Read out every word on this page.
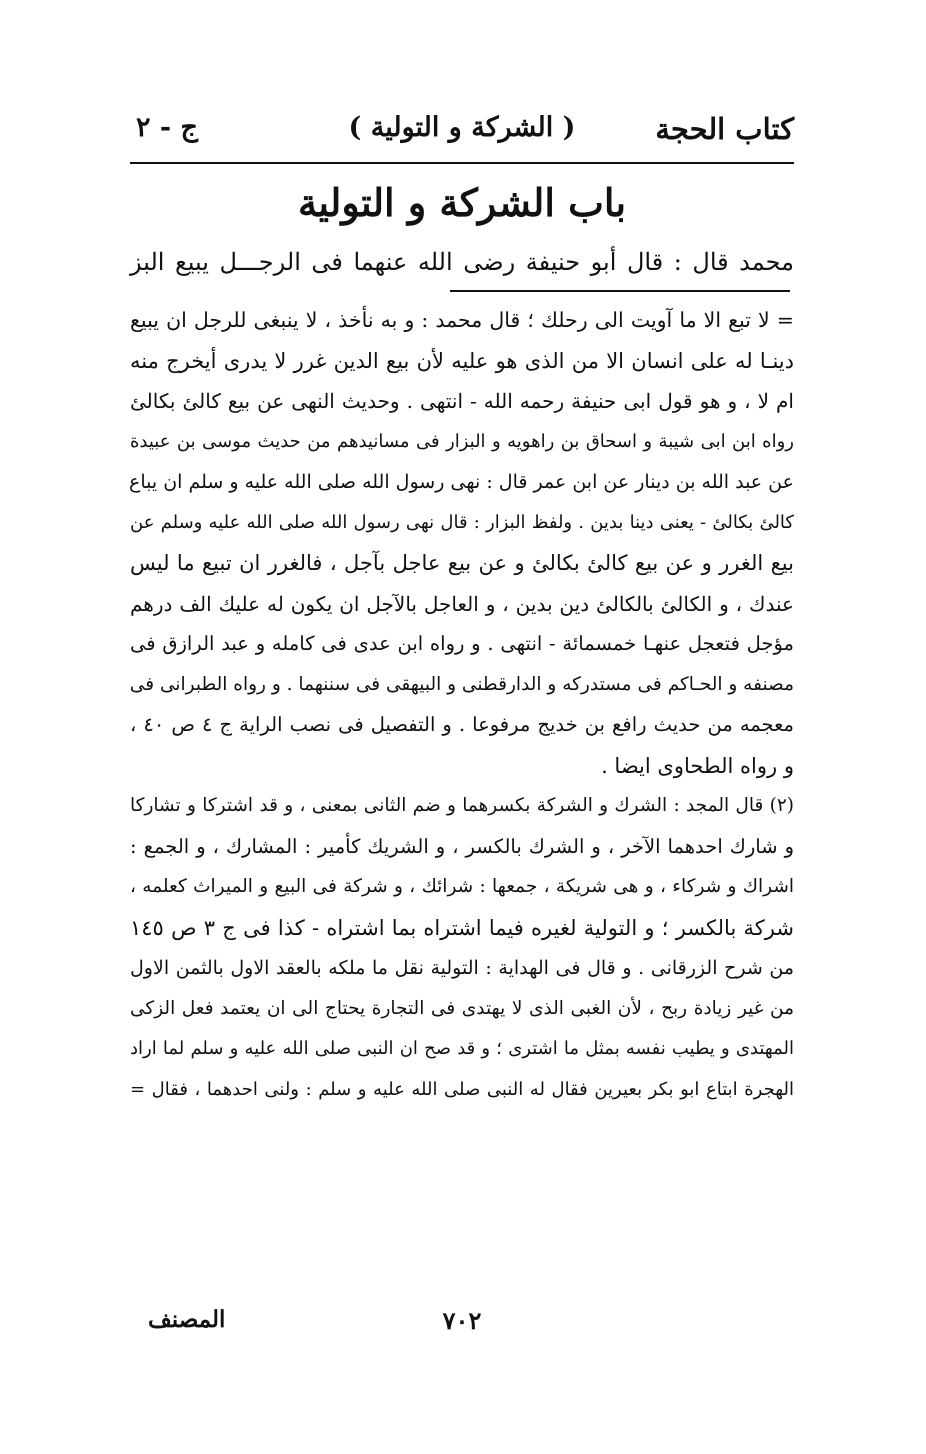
كتاب الحجة
( الشركة و التولية )
ج - ٢
باب الشركة و التولية
محمد قال : قال أبو حنيفة رضى الله عنهما فى الرجـــل يبيع البز
= لا تبع الا ما آويت الى رحلك ؛ قال محمد : و به نأخذ ، لا ينبغى للرجل ان يبيع
دينـا له على انسان الا من الذى هو عليه لأن بيع الدين غرر لا يدرى أيخرج منه
ام لا ، و هو قول ابى حنيفة رحمه الله - انتهى . وحديث النهى عن بيع كالئ بكالئ
رواه ابن ابى شيبة و اسحاق بن راهويه و البزار فى مسانيدهم من حديث موسى بن عبيدة
عن عبد الله بن دينار عن ابن عمر قال : نهى رسول الله صلى الله عليه و سلم ان يباع
كالئ بكالئ - يعنى دينا بدين . ولفظ البزار : قال نهى رسول الله صلى الله عليه وسلم عن
بيع الغرر و عن بيع كالئ بكالئ و عن بيع عاجل بآجل ، فالغرر ان تبيع ما ليس
عندك ، و الكالئ بالكالئ دين بدين ، و العاجل بالآجل ان يكون له عليك الف درهم
مؤجل فتعجل عنهـا خمسمائة - انتهى . و رواه ابن عدى فى كامله و عبد الرازق فى
مصنفه و الحـاكم فى مستدركه و الدارقطنى و البيهقى فى سننهما . و رواه الطبرانى فى
معجمه من حديث رافع بن خديج مرفوعا . و التفصيل فى نصب الراية ج ٤ ص ٤٠ ،
و رواه الطحاوى ايضا .
(٢) قال المجد : الشرك و الشركة بكسرهما و ضم الثانى بمعنى ، و قد اشتركا و تشاركا
و شارك احدهما الآخر ، و الشرك بالكسر ، و الشريك كأمير : المشارك ، و الجمع :
اشراك و شركاء ، و هى شريكة ، جمعها : شرائك ، و شركة فى البيع و الميراث كعلمه ،
شركة بالكسر ؛ و التولية لغيره فيما اشتراه بما اشتراه - كذا فى ج ٣ ص ١٤٥
من شرح الزرقانى . و قال فى الهداية : التولية نقل ما ملكه بالعقد الاول بالثمن الاول
من غير زيادة ربح ، لأن الغبى الذى لا يهتدى فى التجارة يحتاج الى ان يعتمد فعل الزكى
المهتدى و يطيب نفسه بمثل ما اشترى ؛ و قد صح ان النبى صلى الله عليه و سلم لما اراد
الهجرة ابتاع ابو بكر بعيرين فقال له النبى صلى الله عليه و سلم : ولنى احدهما ، فقال =
٧٠٢
المصنف
